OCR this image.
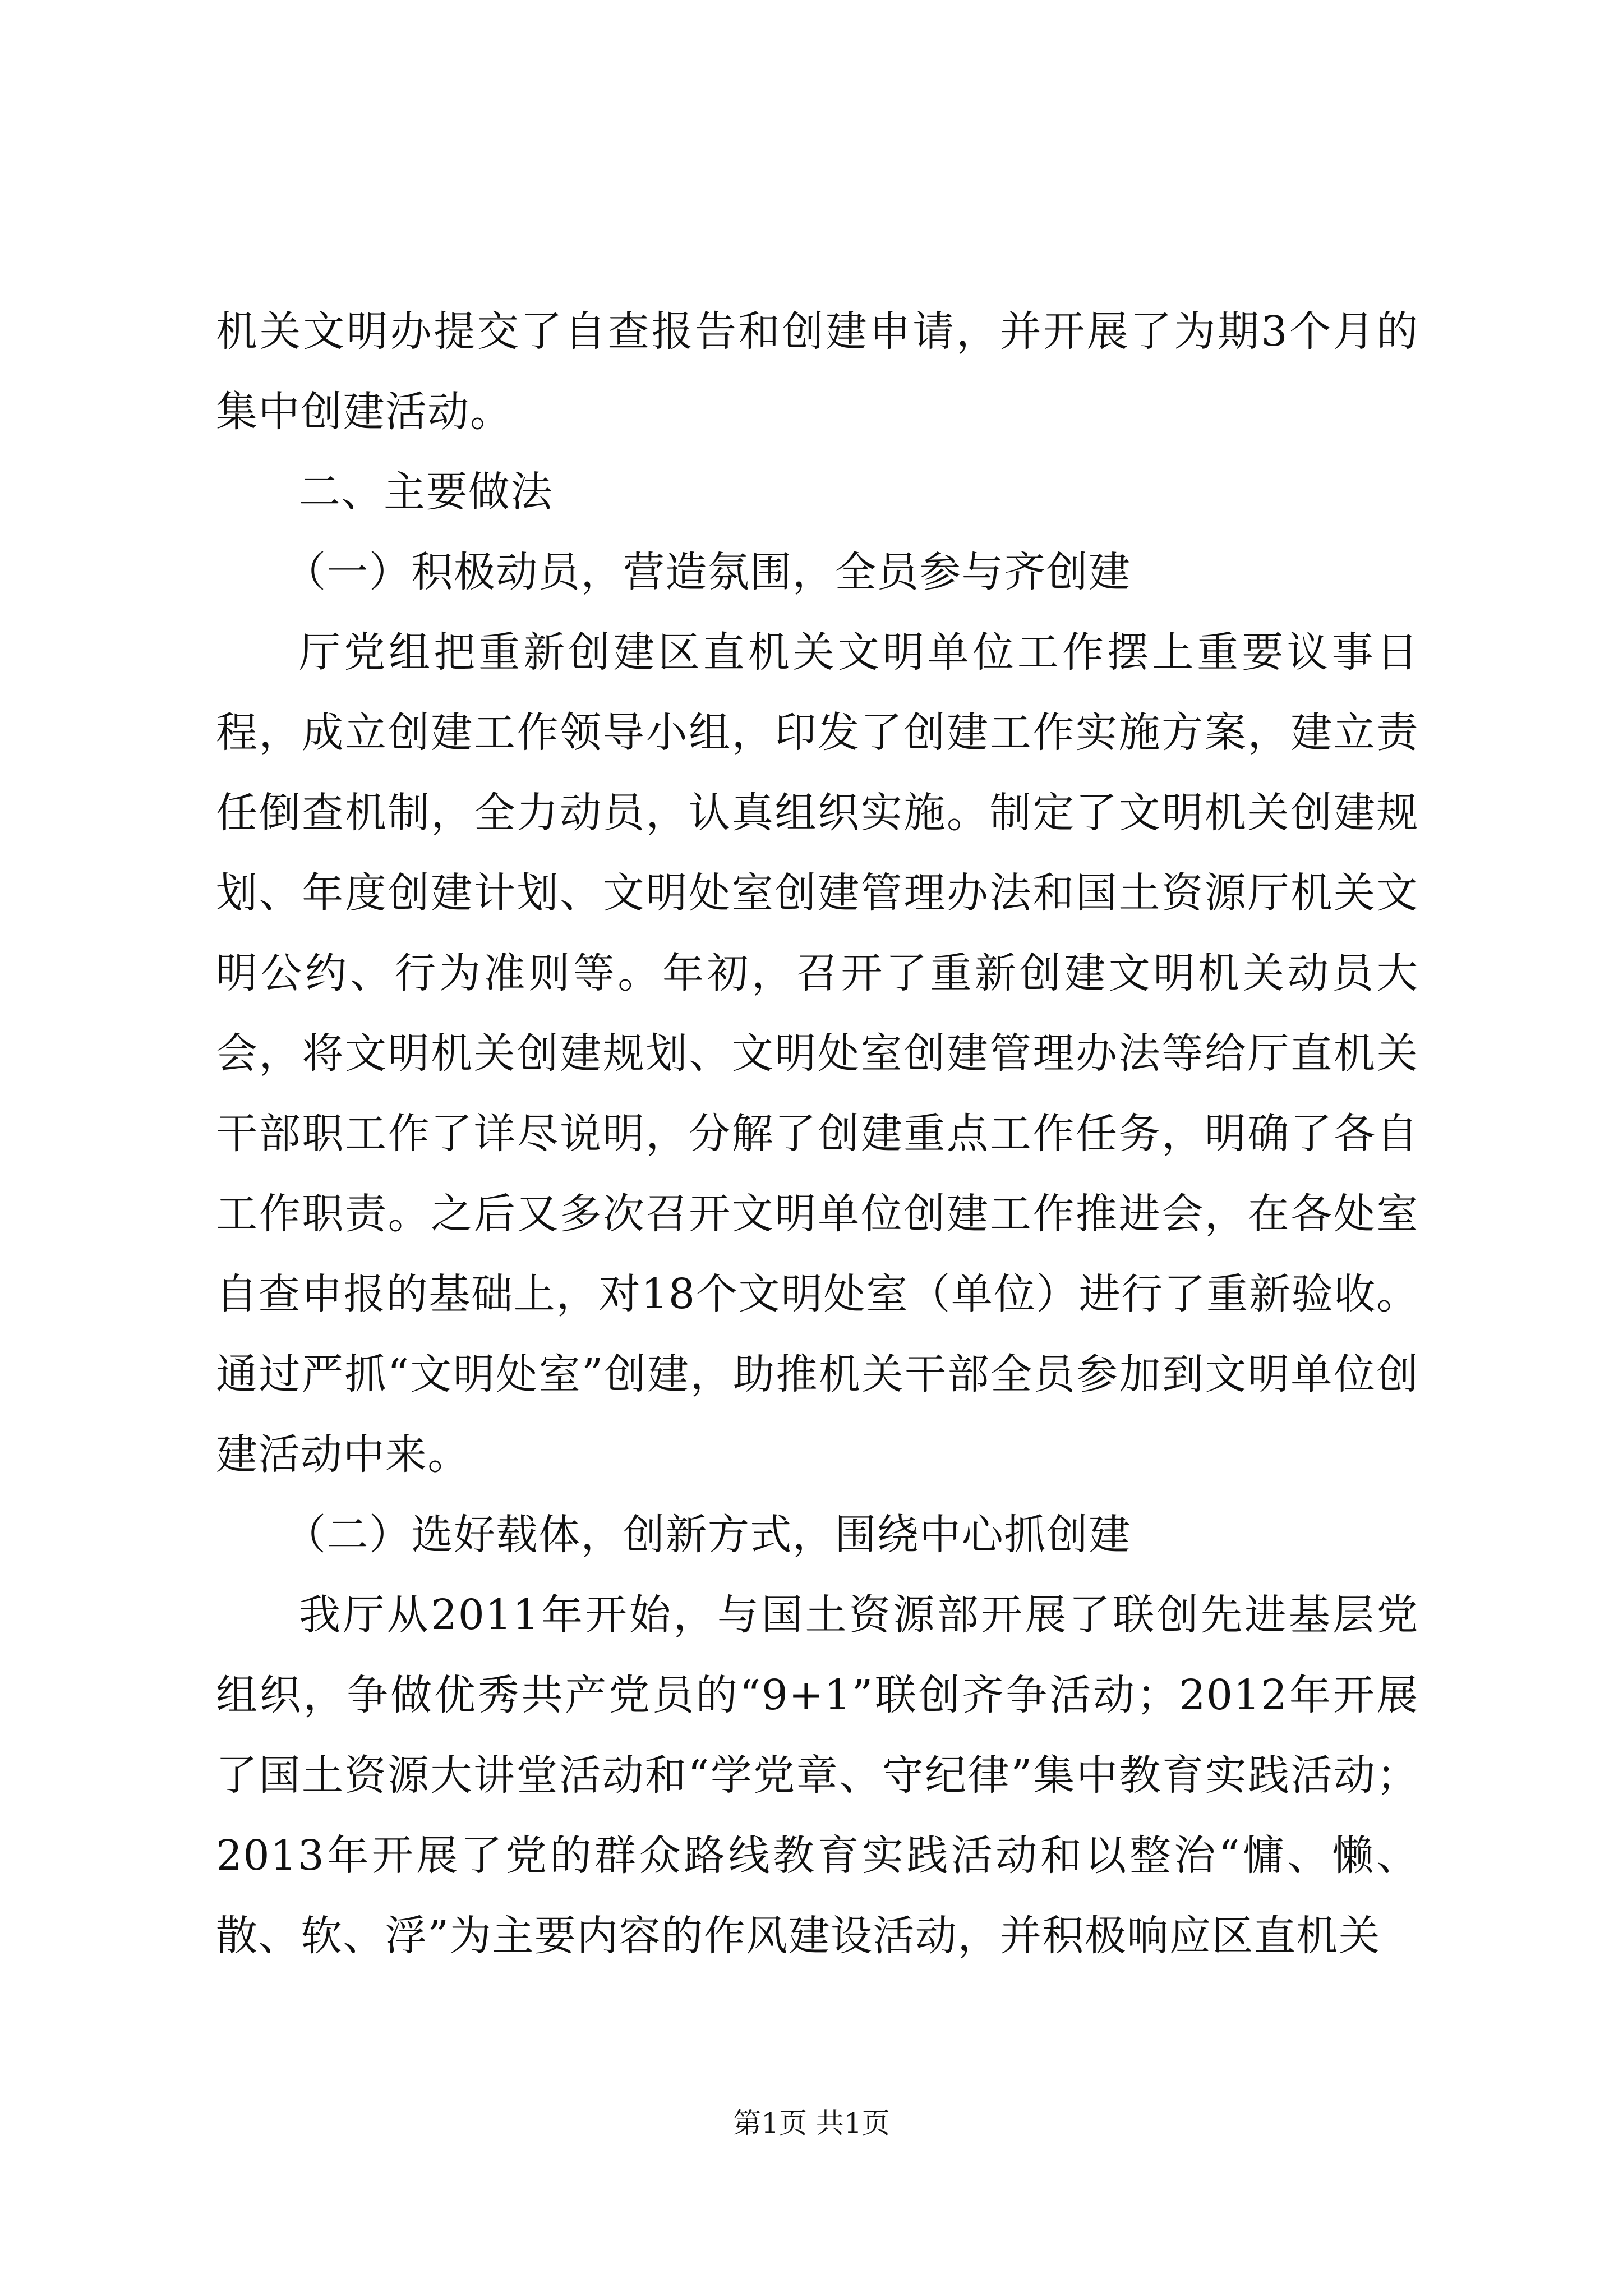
机关文明办提交了自查报告和创建申请，并开展了为期3个月的集中创建活动。

二、主要做法

（一）积极动员，营造氛围，全员参与齐创建

厅党组把重新创建区直机关文明单位工作摆上重要议事日程，成立创建工作领导小组，印发了创建工作实施方案，建立责任倒查机制，全力动员，认真组织实施。制定了文明机关创建规划、年度创建计划、文明处室创建管理办法和国土资源厅机关文明公约、行为准则等。年初，召开了重新创建文明机关动员大会，将文明机关创建规划、文明处室创建管理办法等给厅直机关干部职工作了详尽说明，分解了创建重点工作任务，明确了各自工作职责。之后又多次召开文明单位创建工作推进会，在各处室自查申报的基础上，对18个文明处室（单位）进行了重新验收。通过严抓“文明处室”创建，助推机关干部全员参加到文明单位创建活动中来。

（二）选好载体，创新方式，围绕中心抓创建

我厅从2011年开始，与国土资源部开展了联创先进基层党组织，争做优秀共产党员的“9+1”联创齐争活动；2012年开展了国土资源大讲堂活动和“学党章、守纪律”集中教育实践活动；2013年开展了党的群众路线教育实践活动和以整治“慵、懒、散、软、浮”为主要内容的作风建设活动，并积极响应区直机关

第1页 共1页
